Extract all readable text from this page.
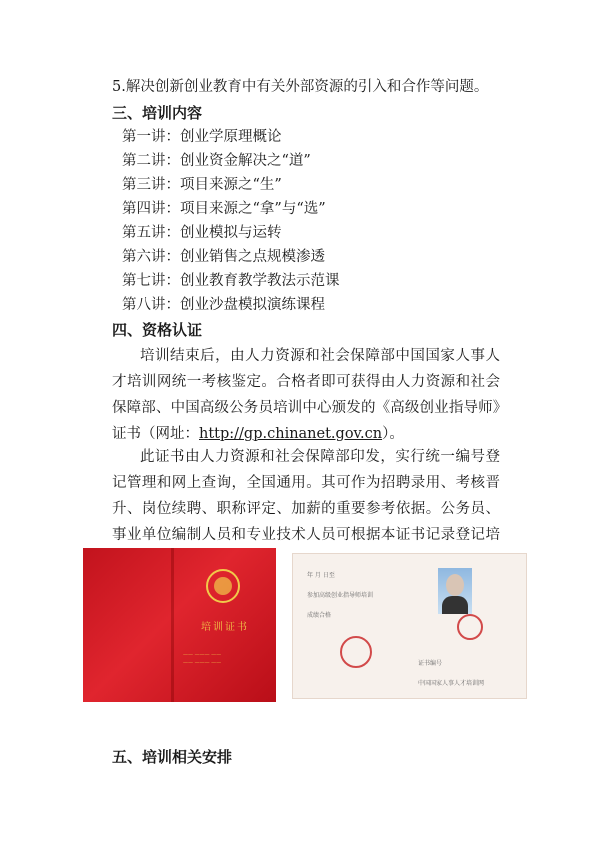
5.解决创新创业教育中有关外部资源的引入和合作等问题。
三、培训内容
第一讲：创业学原理概论
第二讲：创业资金解决之“道”
第三讲：项目来源之“生”
第四讲：项目来源之“拿”与“选”
第五讲：创业模拟与运转
第六讲：创业销售之点规模渗透
第七讲：创业教育教学教法示范课
第八讲：创业沙盘模拟演练课程
四、资格认证
培训结束后，由人力资源和社会保障部中国国家人事人才培训网统一考核鉴定。合格者即可获得由人力资源和社会保障部、中国高级公务员培训中心颁发的《高级创业指导师》证书（网址：http://gp.chinanet.gov.cn）。
此证书由人力资源和社会保障部印发，实行统一编号登记管理和网上查询，全国通用。其可作为招聘录用、考核晋升、岗位续聘、职称评定、加薪的重要参考依据。公务员、事业单位编制人员和专业技术人员可根据本证书记录登记培
培训证书
—— ——— ——
—— ——— ——
年 月 日至
参加高级创业指导师培训
成绩合格
证书编号
中国国家人事人才培训网
五、培训相关安排
